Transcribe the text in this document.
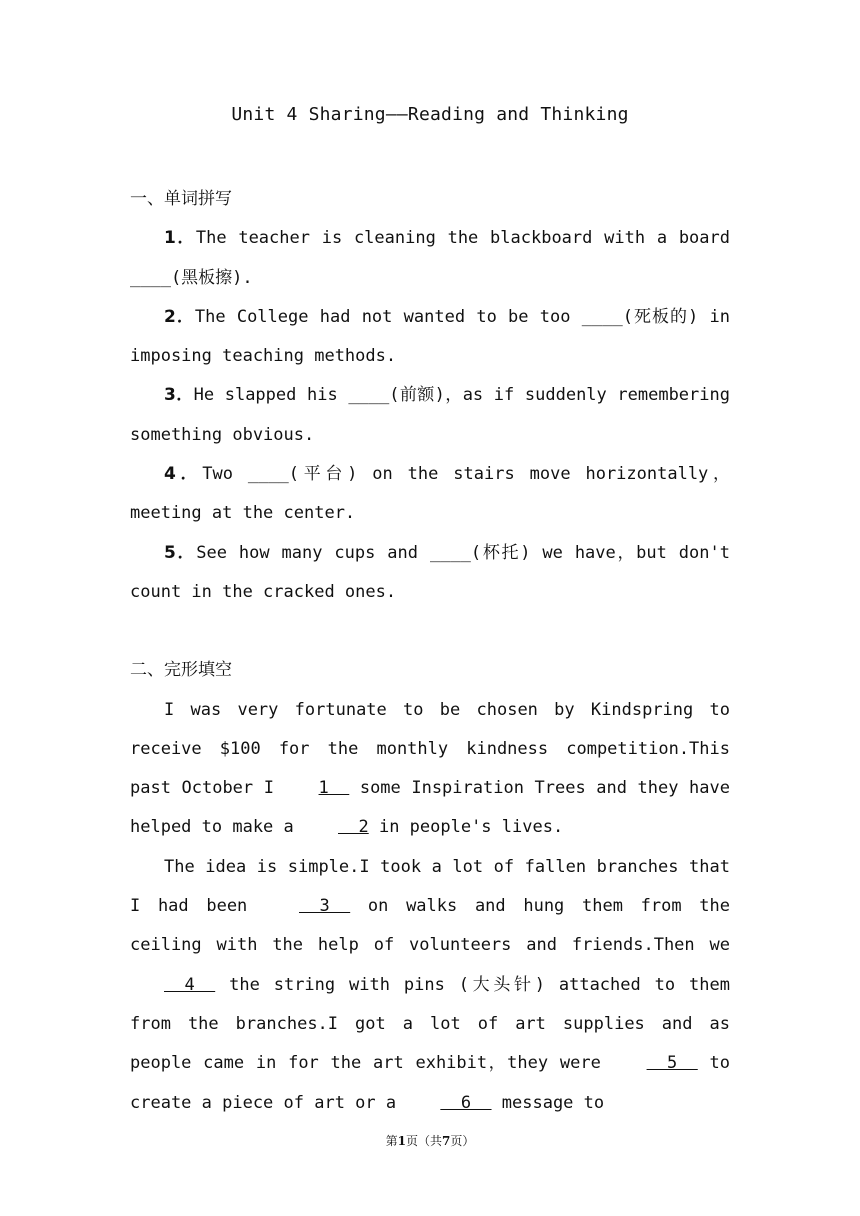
Unit 4 Sharing——Reading and Thinking

一、单词拼写

1．The teacher is cleaning the blackboard with a board ____(黑板擦).

2．The College had not wanted to be too ____(死板的) in imposing teaching methods.

3．He slapped his ____(前额)，as if suddenly remembering something obvious.

4．Two ____(平台) on the stairs move horizontally，meeting at the center.

5．See how many cups and ____(杯托) we have，but don't count in the cracked ones.

二、完形填空

I was very fortunate to be chosen by Kindspring to receive $100 for the monthly kindness competition.This past October I 1   some Inspiration Trees and they have helped to make a   2 in people's lives.

The idea is simple.I took a lot of fallen branches that I had been   3   on walks and hung them from the ceiling with the help of volunteers and friends.Then we   4   the string with pins (大头针) attached to them from the branches.I got a lot of art supplies and as people came in for the art exhibit，they were   5   to create a piece of art or a   6   message to

第1页（共7页）
